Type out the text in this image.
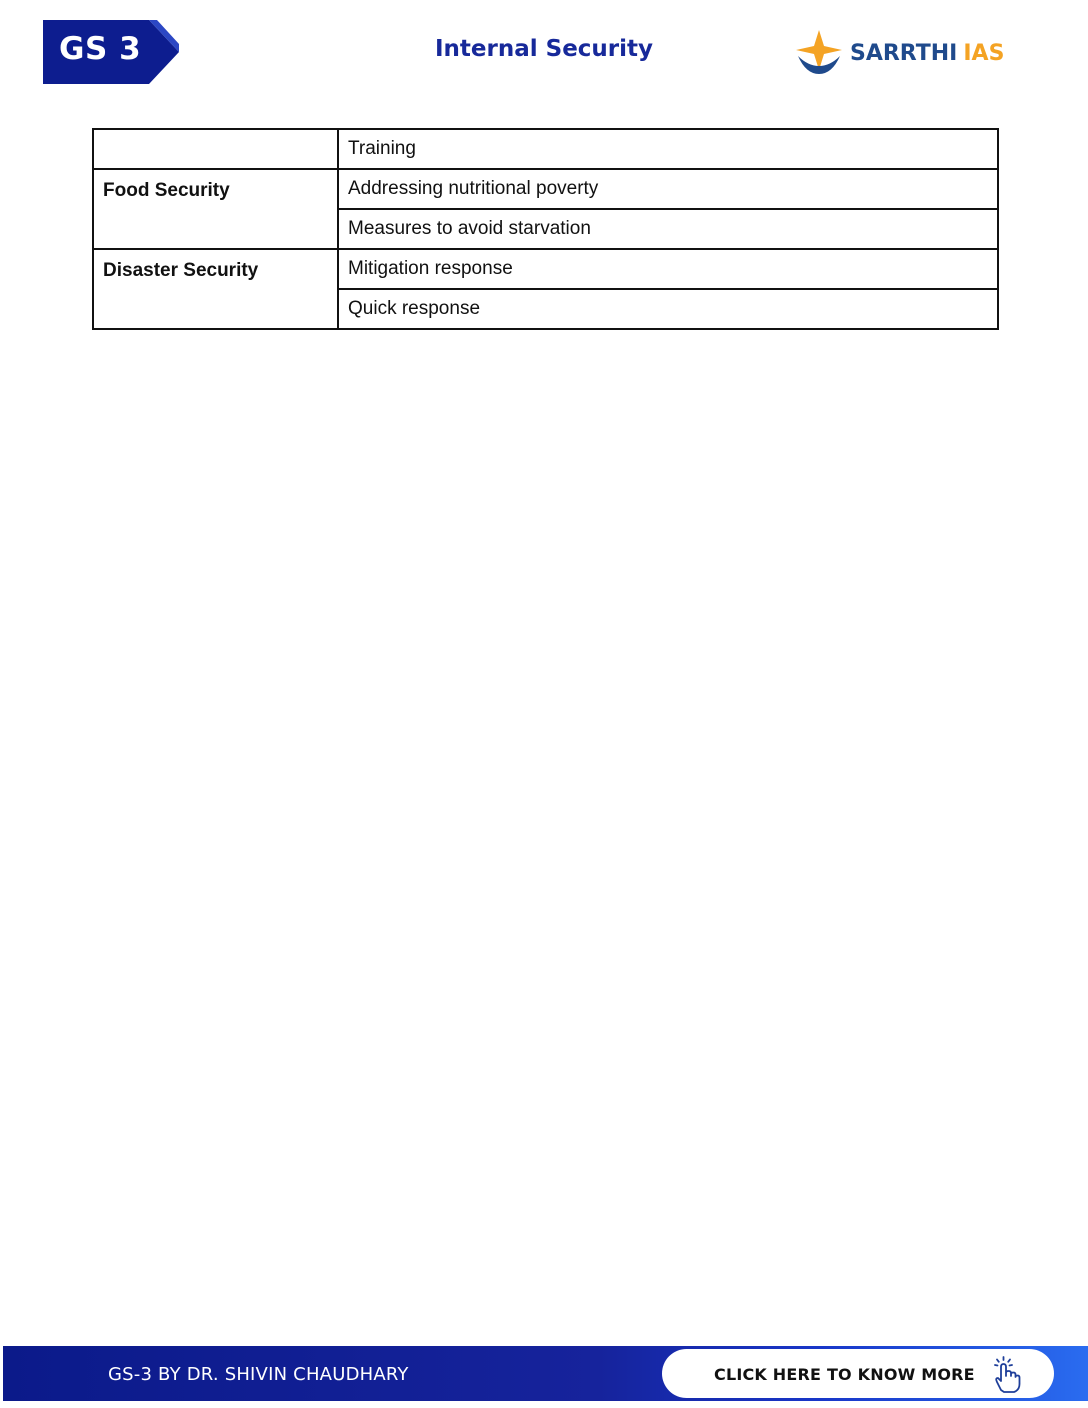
GS 3	Internal Security	SARRTHI IAS
	Training
Food Security	Addressing nutritional poverty
	Measures to avoid starvation
Disaster Security	Mitigation response
	Quick response
GS-3 BY DR. SHIVIN CHAUDHARY	CLICK HERE TO KNOW MORE
